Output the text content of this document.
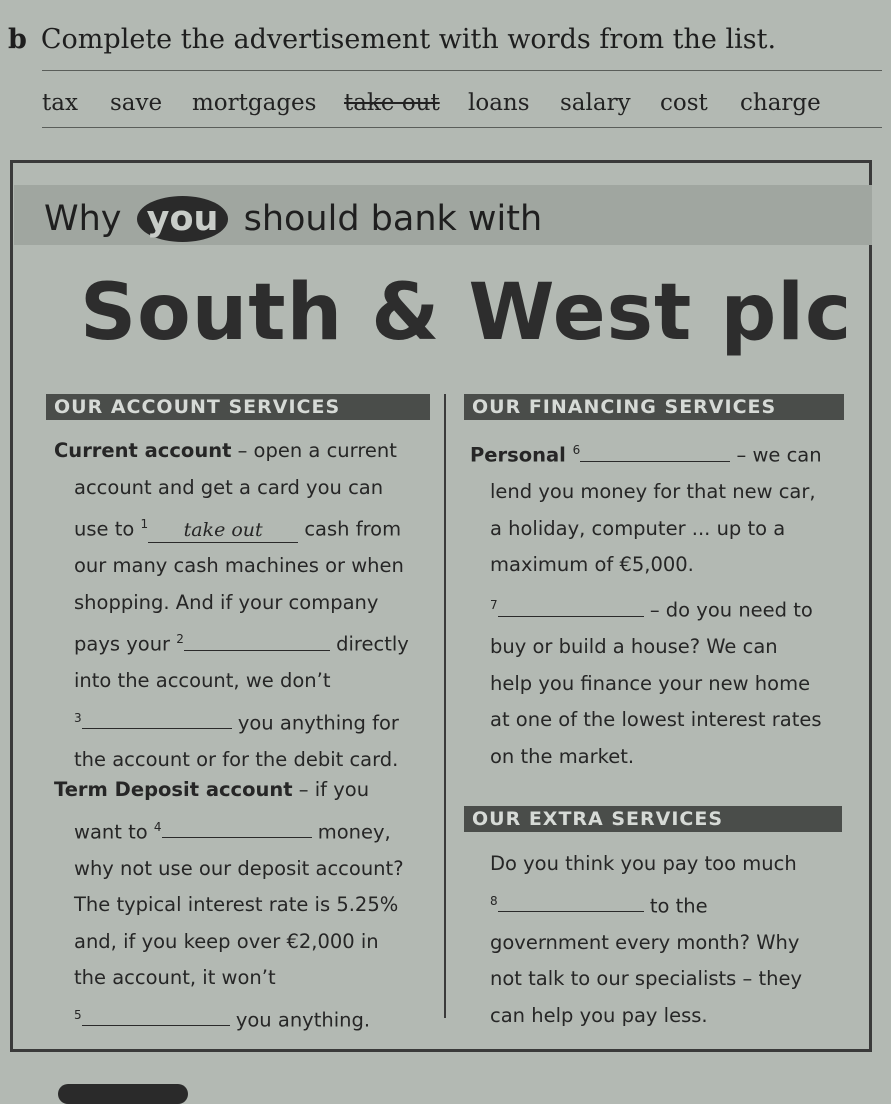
b Complete the advertisement with words from the list.
tax save mortgages take out loans salary cost charge
Why you should bank with
South & West plc
OUR ACCOUNT SERVICES	OUR FINANCING SERVICES
OUR EXTRA SERVICES
Current account – open a current
account and get a card you can
use to $^1$ take out cash from
our many cash machines or when
shopping. And if your company
pays your $^2$	directly
into the account, we don’t
$^3$	you anything for
the account or for the debit card.
Term Deposit account – if you
want to $^4$	money,
why not use our deposit account?
The typical interest rate is 5.25%
and, if you keep over €2,000 in
the account, it won’t
$^5$	you anything.
Personal $^6$	– we can
lend you money for that new car,
a holiday, computer ... up to a
maximum of €5,000.
$^7$	– do you need to
buy or build a house? We can
help you finance your new home
at one of the lowest interest rates
on the market.
Do you think you pay too much
$^8$	to the
government every month? Why
not talk to our specialists – they
can help you pay less.
